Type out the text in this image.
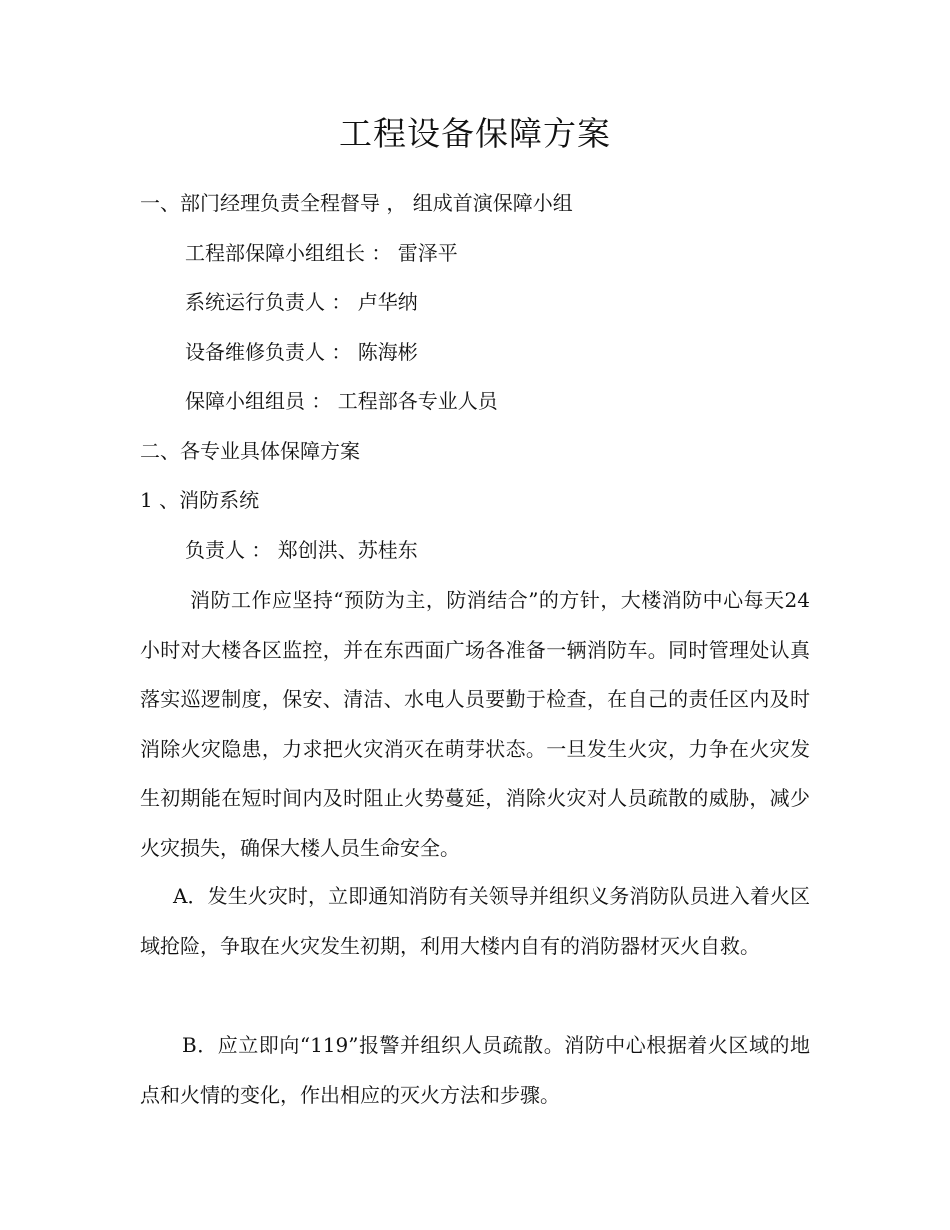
工程设备保障方案

一、部门经理负责全程督导 ， 组成首演保障小组

工程部保障小组组长 ： 雷泽平

系统运行负责人 ： 卢华纳

设备维修负责人 ： 陈海彬

保障小组组员 ： 工程部各专业人员

二、各专业具体保障方案

1 、消防系统

负责人 ： 郑创洪、苏桂东

消防工作应坚持“预防为主，防消结合”的方针，大楼消防中心每天24小时对大楼各区监控，并在东西面广场各准备一辆消防车。同时管理处认真落实巡逻制度，保安、清洁、水电人员要勤于检查，在自己的责任区内及时消除火灾隐患，力求把火灾消灭在萌芽状态。一旦发生火灾，力争在火灾发生初期能在短时间内及时阻止火势蔓延，消除火灾对人员疏散的威胁，减少火灾损失，确保大楼人员生命安全。

A．发生火灾时，立即通知消防有关领导并组织义务消防队员进入着火区域抢险，争取在火灾发生初期，利用大楼内自有的消防器材灭火自救。

B．应立即向“119”报警并组织人员疏散。消防中心根据着火区域的地点和火情的变化，作出相应的灭火方法和步骤。
